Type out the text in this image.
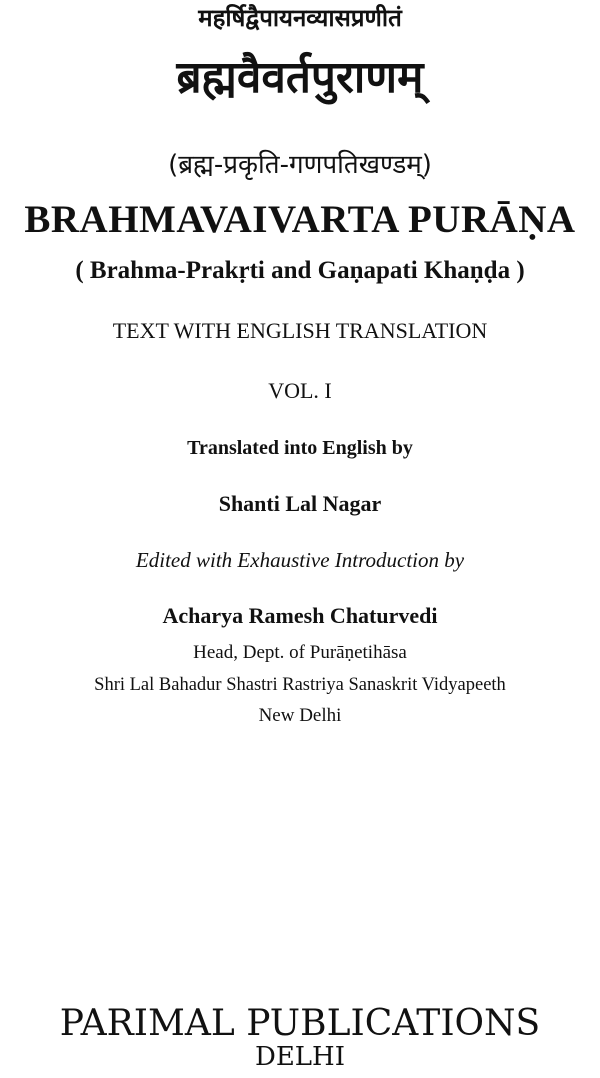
महर्षिद्वैपायनव्यासप्रणीतं
ब्रह्मवैवर्तपुराणम्
(ब्रह्म-प्रकृति-गणपतिखण्डम्)
BRAHMAVAIVARTA PURĀṆA
( Brahma-Prakṛti and Gaṇapati Khaṇḍa )
TEXT WITH ENGLISH TRANSLATION
VOL. I
Translated into English by
Shanti Lal Nagar
Edited with Exhaustive Introduction by
Acharya Ramesh Chaturvedi
Head, Dept. of Purāṇetihāsa
Shri Lal Bahadur Shastri Rastriya Sanaskrit Vidyapeeth
New Delhi
PARIMAL PUBLICATIONS
DELHI
